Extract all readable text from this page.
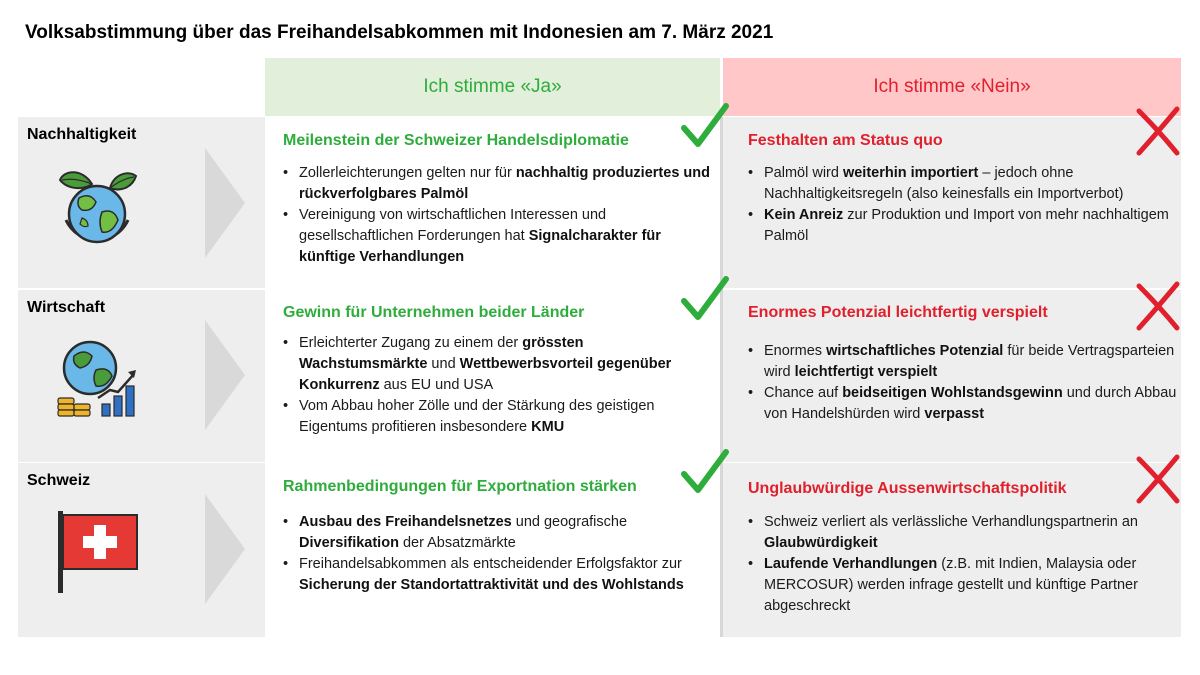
Volksabstimmung über das Freihandelsabkommen mit Indonesien am 7. März 2021
Ich stimme «Ja»	Ich stimme «Nein»
Nachhaltigkeit
Wirtschaft
Schweiz
Meilenstein der Schweizer Handelsdiplomatie
• Zollerleichterungen gelten nur für nachhaltig produziertes und rückverfolgbares Palmöl
• Vereinigung von wirtschaftlichen Interessen und gesellschaftlichen Forderungen hat Signalcharakter für künftige Verhandlungen
Festhalten am Status quo
• Palmöl wird weiterhin importiert – jedoch ohne Nachhaltigkeitsregeln (also keinesfalls ein Importverbot)
• Kein Anreiz zur Produktion und Import von mehr nachhaltigem Palmöl
Gewinn für Unternehmen beider Länder
• Erleichterter Zugang zu einem der grössten Wachstumsmärkte und Wettbewerbsvorteil gegenüber Konkurrenz aus EU und USA
• Vom Abbau hoher Zölle und der Stärkung des geistigen Eigentums profitieren insbesondere KMU
Enormes Potenzial leichtfertig verspielt
• Enormes wirtschaftliches Potenzial für beide Vertragsparteien wird leichtfertigt verspielt
• Chance auf beidseitigen Wohlstandsgewinn und durch Abbau von Handelshürden wird verpasst
Rahmenbedingungen für Exportnation stärken
• Ausbau des Freihandelsnetzes und geografische Diversifikation der Absatzmärkte
• Freihandelsabkommen als entscheidender Erfolgsfaktor zur Sicherung der Standortattraktivität und des Wohlstands
Unglaubwürdige Aussenwirtschaftspolitik
• Schweiz verliert als verlässliche Verhandlungspartnerin an Glaubwürdigkeit
• Laufende Verhandlungen (z.B. mit Indien, Malaysia oder MERCOSUR) werden infrage gestellt und künftige Partner abgeschreckt
